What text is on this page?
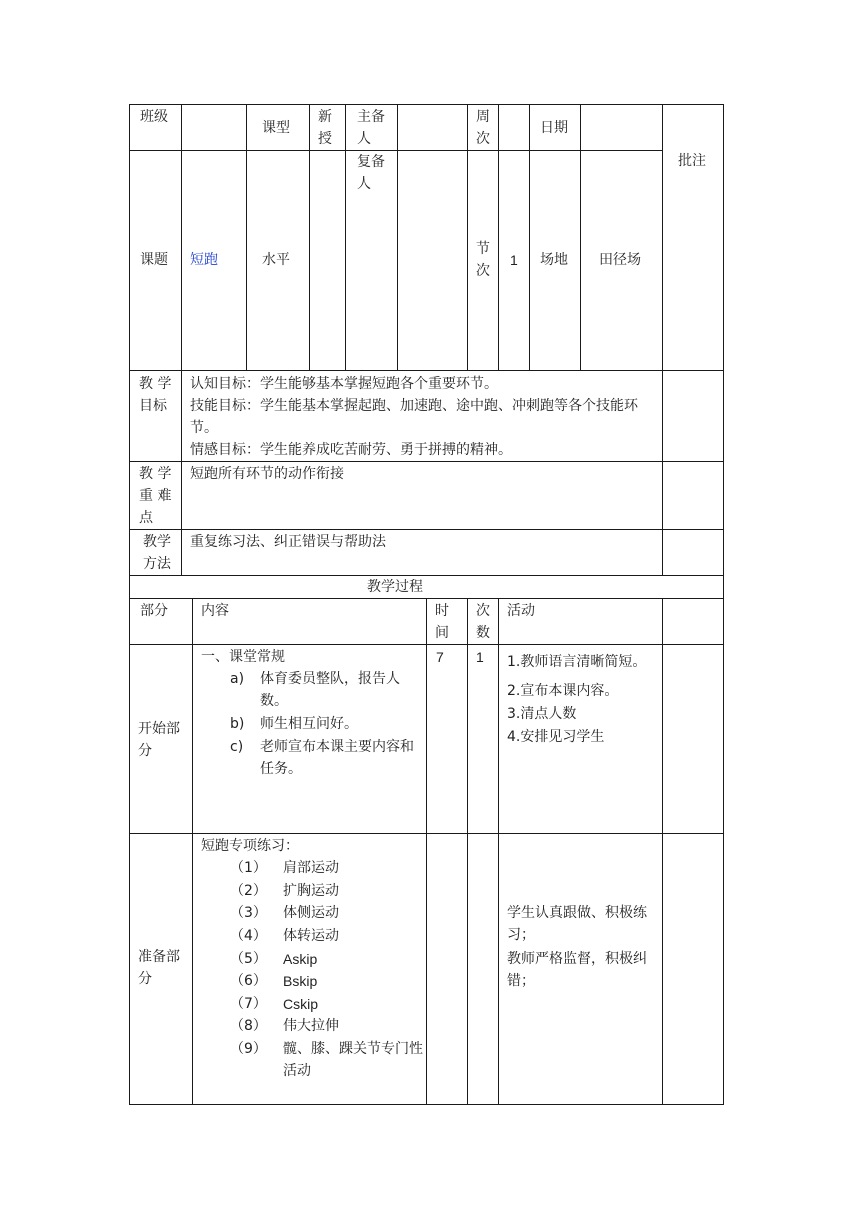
班级
课型
新授
主备人
周次
日期
批注
课题 短跑	水平
复备人
节次
1 场地 田径场
教 学 目标
认知目标：学生能够基本掌握短跑各个重要环节。
技能目标：学生能基本掌握起跑、加速跑、途中跑、冲刺跑等各个技能环节。
情感目标：学生能养成吃苦耐劳、勇于拼搏的精神。
教 学 重 难 点
短跑所有环节的动作衔接
教学方法
重复练习法、纠正错误与帮助法
教学过程
部分 内容	时间
次数
活动
开始部分
一、课堂常规
a) 体育委员整队，报告人数。
b) 师生相互问好。
c) 老师宣布本课主要内容和任务。
7 1 1.教师语言清晰简短。
2.宣布本课内容。
3.清点人数
4.安排见习学生
准备部分
短跑专项练习：
（1） 肩部运动
（2） 扩胸运动
（3） 体侧运动
（4） 体转运动
（5） Askip
（6） Bskip
（7） Cskip
（8） 伟大拉伸
（9） 髋、膝、踝关节专门性活动
学生认真跟做、积极练习；
教师严格监督，积极纠错；
